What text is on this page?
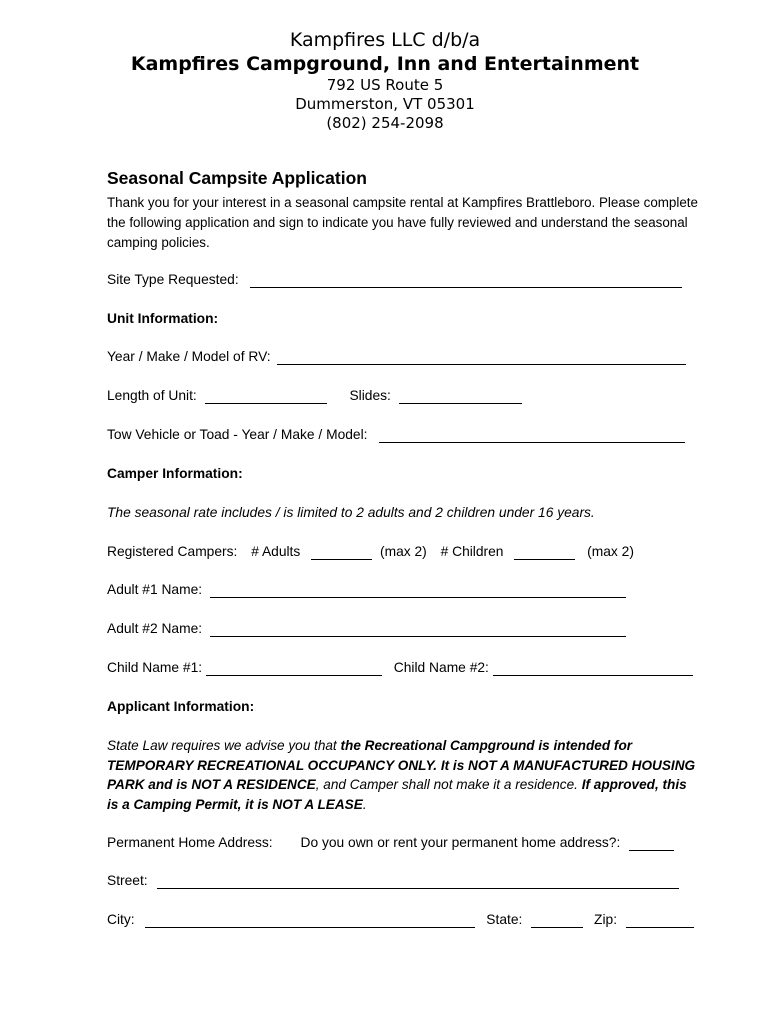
Kampfires LLC d/b/a
Kampfires Campground, Inn and Entertainment
792 US Route 5
Dummerston, VT 05301
(802) 254-2098
Seasonal Campsite Application
Thank you for your interest in a seasonal campsite rental at Kampfires Brattleboro. Please complete the following application and sign to indicate you have fully reviewed and understand the seasonal camping policies.
Site Type Requested:
Unit Information:
Year / Make / Model of RV:
Length of Unit:	Slides:
Tow Vehicle or Toad - Year / Make / Model:
Camper Information:
The seasonal rate includes / is limited to 2 adults and 2 children under 16 years.
Registered Campers: # Adults	(max 2) # Children	(max 2)
Adult #1 Name:
Adult #2 Name:
Child Name #1:	Child Name #2:
Applicant Information:
State Law requires we advise you that the Recreational Campground is intended for TEMPORARY RECREATIONAL OCCUPANCY ONLY. It is NOT A MANUFACTURED HOUSING PARK and is NOT A RESIDENCE, and Camper shall not make it a residence. If approved, this is a Camping Permit, it is NOT A LEASE.
Permanent Home Address: Do you own or rent your permanent home address?:
Street:
City:	State:	Zip:
